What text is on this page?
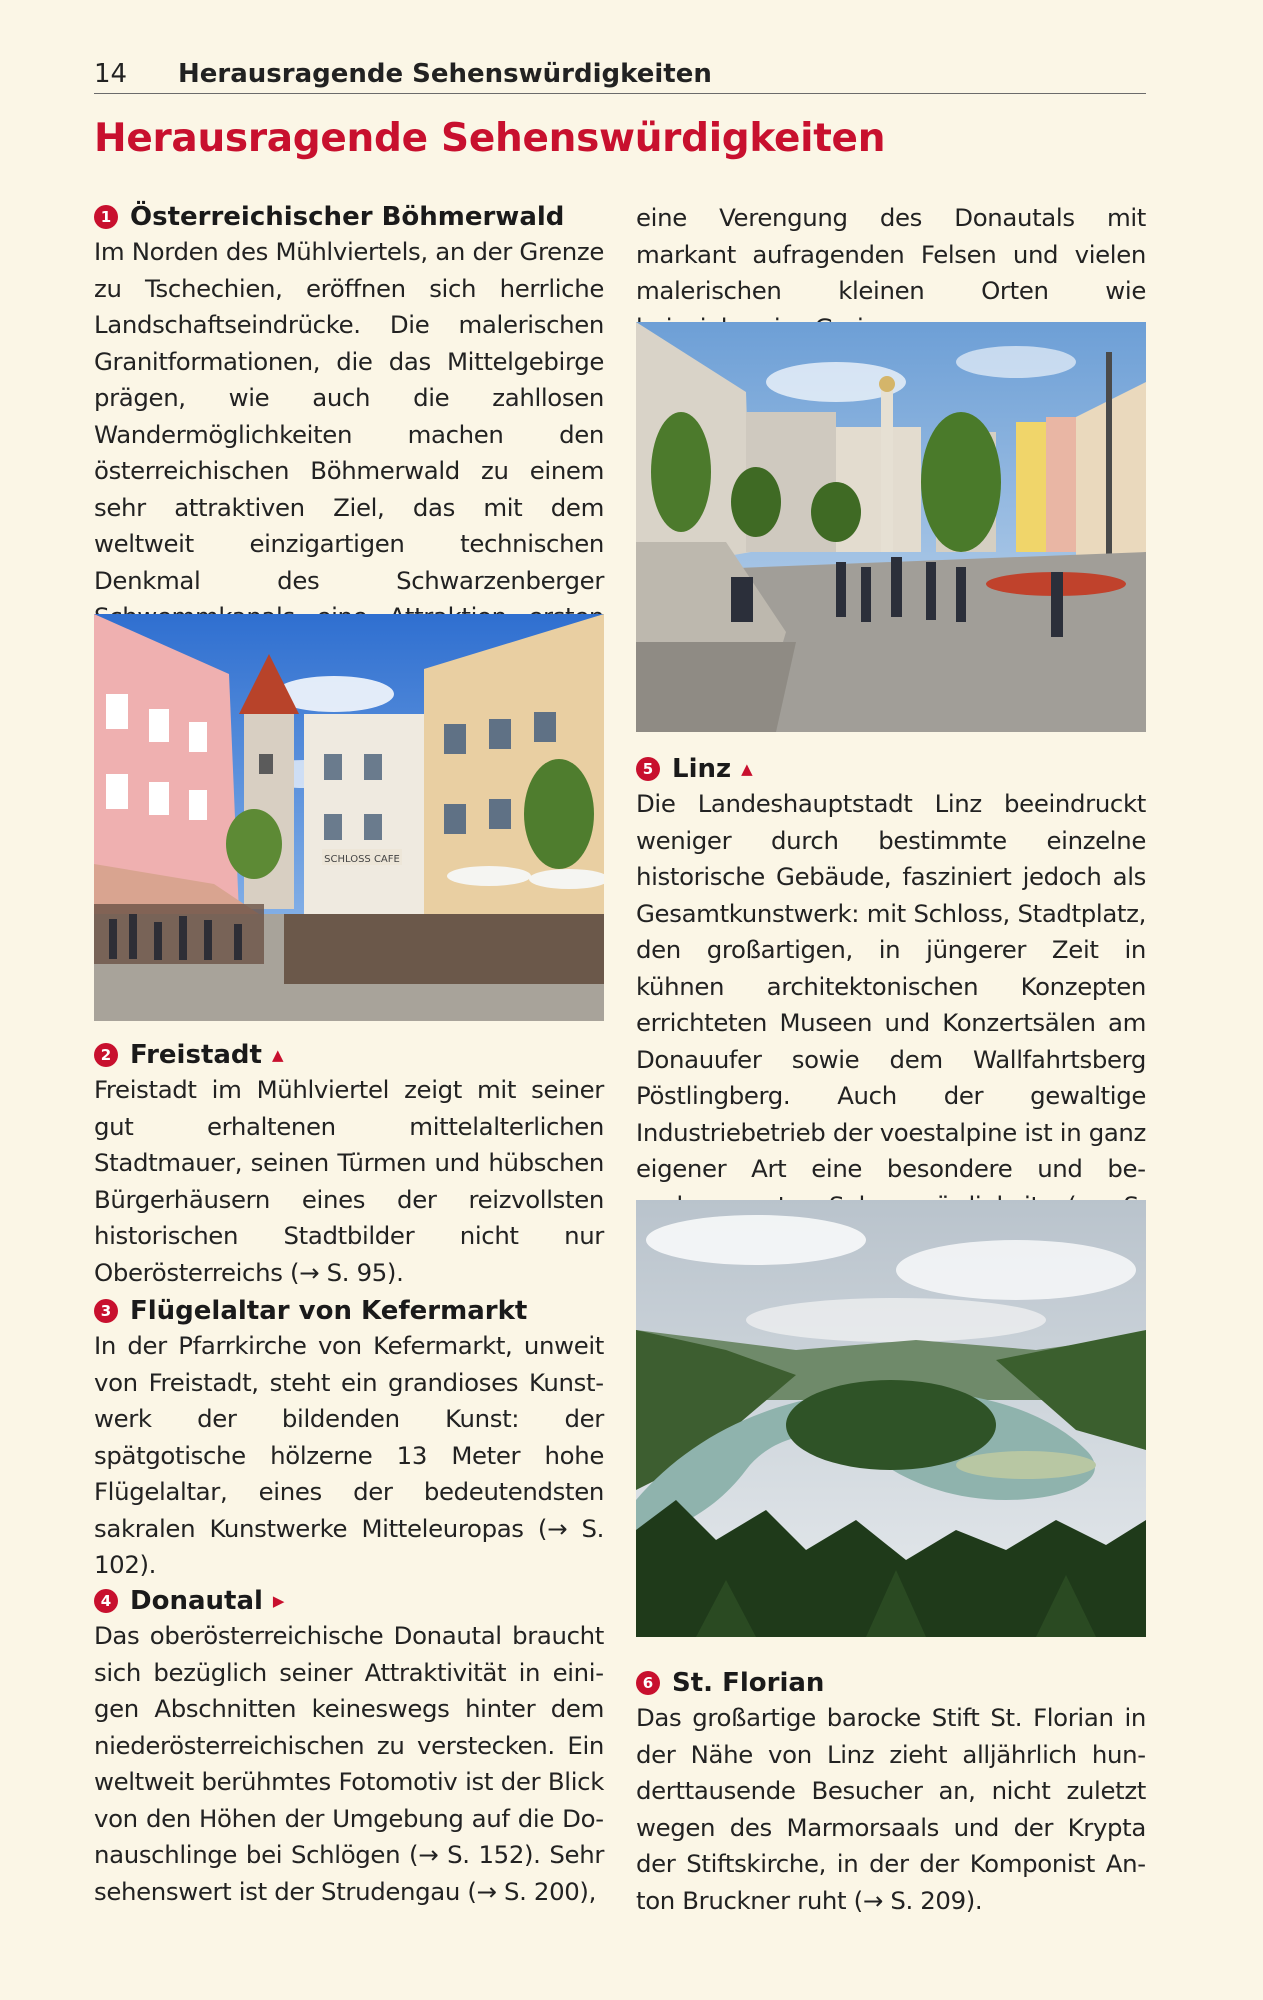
14	Herausragende Sehenswürdigkeiten
Herausragende Sehenswürdigkeiten
1 Österreichischer Böhmerwald

Im Norden des Mühlviertels, an der Grenze zu Tschechien, eröffnen sich herrliche Landschaftseindrücke. Die malerischen Granitformationen, die das Mittelgebirge prägen, wie auch die zahllosen Wandermöglichkeiten machen den österreichischen Böhmerwald zu einem sehr attraktiven Ziel, das mit dem weltweit einzigartigen technischen Denkmal des Schwarzenberger

SCHLOSS CAFE
2 Freistadt ▲

Freistadt im Mühlviertel zeigt mit seiner gut erhaltenen mittelalterlichen Stadtmauer, seinen Türmen und hübschen Bürgerhäusern eines der reizvollsten historischen Stadtbilder nicht nur Oberösterreichs (→ S. 95).

3 Flügelaltar von Kefermarkt

In der Pfarrkirche von Kefermarkt, unweit von Freistadt, steht ein grandioses Kunstwerk der bildenden Kunst: der spätgotische hölzerne 13 Meter hohe Flügelaltar, eines der bedeutendsten sakralen Kunstwerke Mitteleuropas (→ S. 102).

4 Donautal ▶

Das oberösterreichische Donautal braucht sich bezüglich seiner Attraktivität in einigen Abschnitten keineswegs hinter dem niederösterreichischen zu verstecken. Ein weltweit berühmtes Fotomotiv ist der Blick von den Höhen der Umgebung auf die Donauschlinge bei Schlögen (→ S. 152). Sehr sehenswert ist der Strudengau (→ S. 200),

eine Verengung des Donautals mit markant aufragenden Felsen und vielen malerischen kleinen Orten wie

5 Linz ▲

Die Landeshauptstadt Linz beeindruckt weniger durch bestimmte einzelne historische Gebäude, fasziniert jedoch als Gesamtkunstwerk: mit Schloss, Stadtplatz, den großartigen, in jüngerer Zeit in kühnen architektonischen Konzepten errichteten Museen und Konzertsälen am Donauufer sowie dem Wallfahrtsberg Pöstlingberg. Auch der gewaltige Industriebetrieb der voestalpine ist in ganz eigener Art eine besondere und be

6 St. Florian

Das großartige barocke Stift St. Florian in der Nähe von Linz zieht alljährlich hunderttausende Besucher an, nicht zuletzt wegen des Marmorsaals und der Krypta der Stiftskirche, in der der Komponist Anton Bruckner ruht (→ S. 209).
